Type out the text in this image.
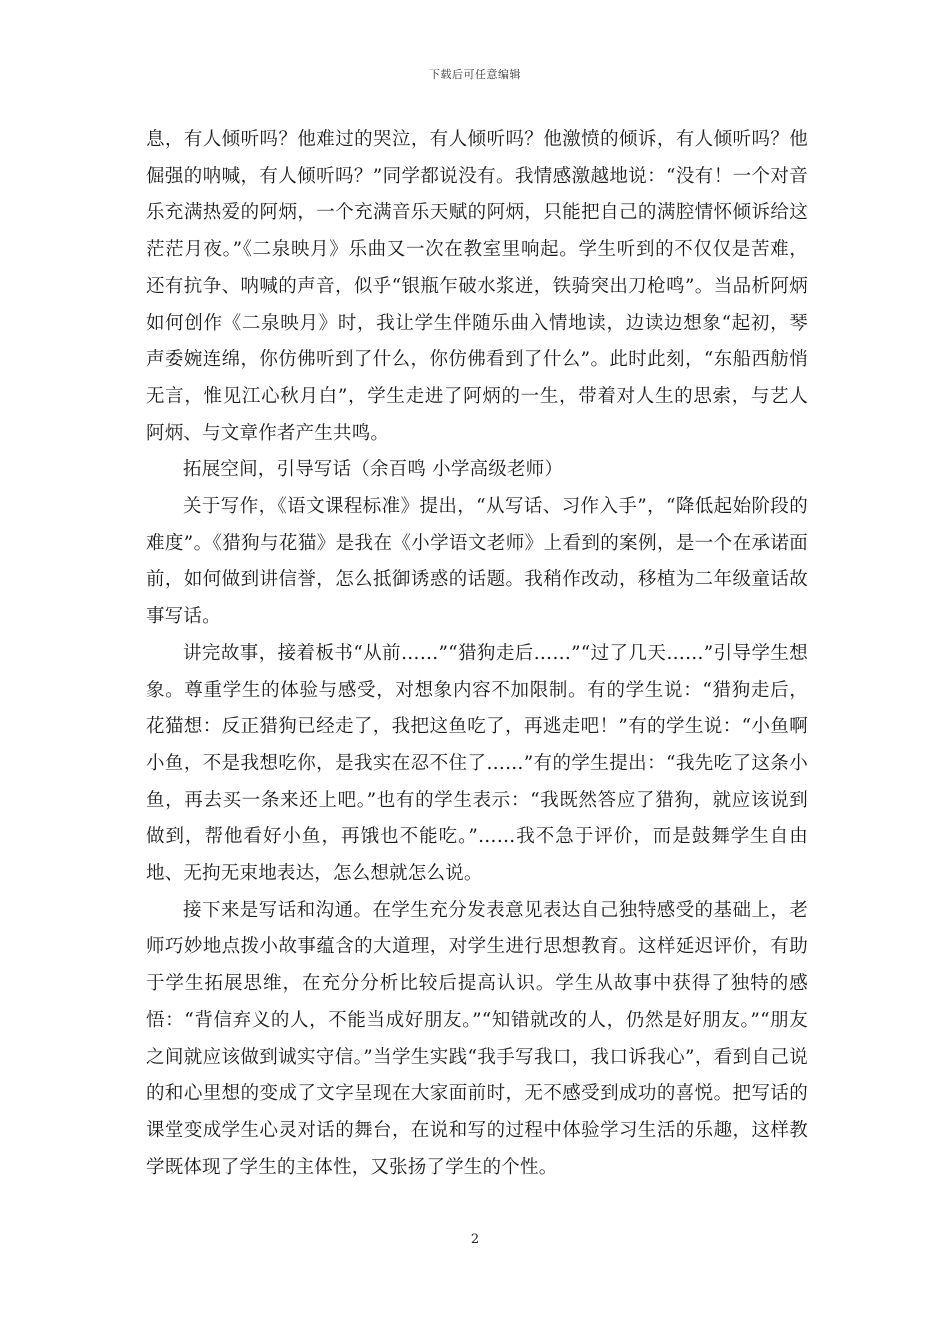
下载后可任意编辑

息，有人倾听吗？他难过的哭泣，有人倾听吗？他激愤的倾诉，有人倾听吗？他倔强的呐喊，有人倾听吗？”同学都说没有。我情感激越地说：“没有！一个对音乐充满热爱的阿炳，一个充满音乐天赋的阿炳，只能把自己的满腔情怀倾诉给这茫茫月夜。”《二泉映月》乐曲又一次在教室里响起。学生听到的不仅仅是苦难，还有抗争、呐喊的声音，似乎“银瓶乍破水浆迸，铁骑突出刀枪鸣”。当品析阿炳如何创作《二泉映月》时，我让学生伴随乐曲入情地读，边读边想象“起初，琴声委婉连绵，你仿佛听到了什么，你仿佛看到了什么”。此时此刻，“东船西舫悄无言，惟见江心秋月白”，学生走进了阿炳的一生，带着对人生的思索，与艺人阿炳、与文章作者产生共鸣。

拓展空间，引导写话（余百鸣 小学高级老师）

关于写作，《语文课程标准》提出，“从写话、习作入手”，“降低起始阶段的难度”。《猎狗与花猫》是我在《小学语文老师》上看到的案例，是一个在承诺面前，如何做到讲信誉，怎么抵御诱惑的话题。我稍作改动，移植为二年级童话故事写话。

讲完故事，接着板书“从前……”“猎狗走后……”“过了几天……”引导学生想象。尊重学生的体验与感受，对想象内容不加限制。有的学生说：“猎狗走后，花猫想：反正猎狗已经走了，我把这鱼吃了，再逃走吧！”有的学生说：“小鱼啊小鱼，不是我想吃你，是我实在忍不住了……”有的学生提出：“我先吃了这条小鱼，再去买一条来还上吧。”也有的学生表示：“我既然答应了猎狗，就应该说到做到，帮他看好小鱼，再饿也不能吃。”……我不急于评价，而是鼓舞学生自由地、无拘无束地表达，怎么想就怎么说。

接下来是写话和沟通。在学生充分发表意见表达自己独特感受的基础上，老师巧妙地点拨小故事蕴含的大道理，对学生进行思想教育。这样延迟评价，有助于学生拓展思维，在充分分析比较后提高认识。学生从故事中获得了独特的感悟：“背信弃义的人，不能当成好朋友。”“知错就改的人，仍然是好朋友。”“朋友之间就应该做到诚实守信。”当学生实践“我手写我口，我口诉我心”，看到自己说的和心里想的变成了文字呈现在大家面前时，无不感受到成功的喜悦。把写话的课堂变成学生心灵对话的舞台，在说和写的过程中体验学习生活的乐趣，这样教学既体现了学生的主体性，又张扬了学生的个性。

2
